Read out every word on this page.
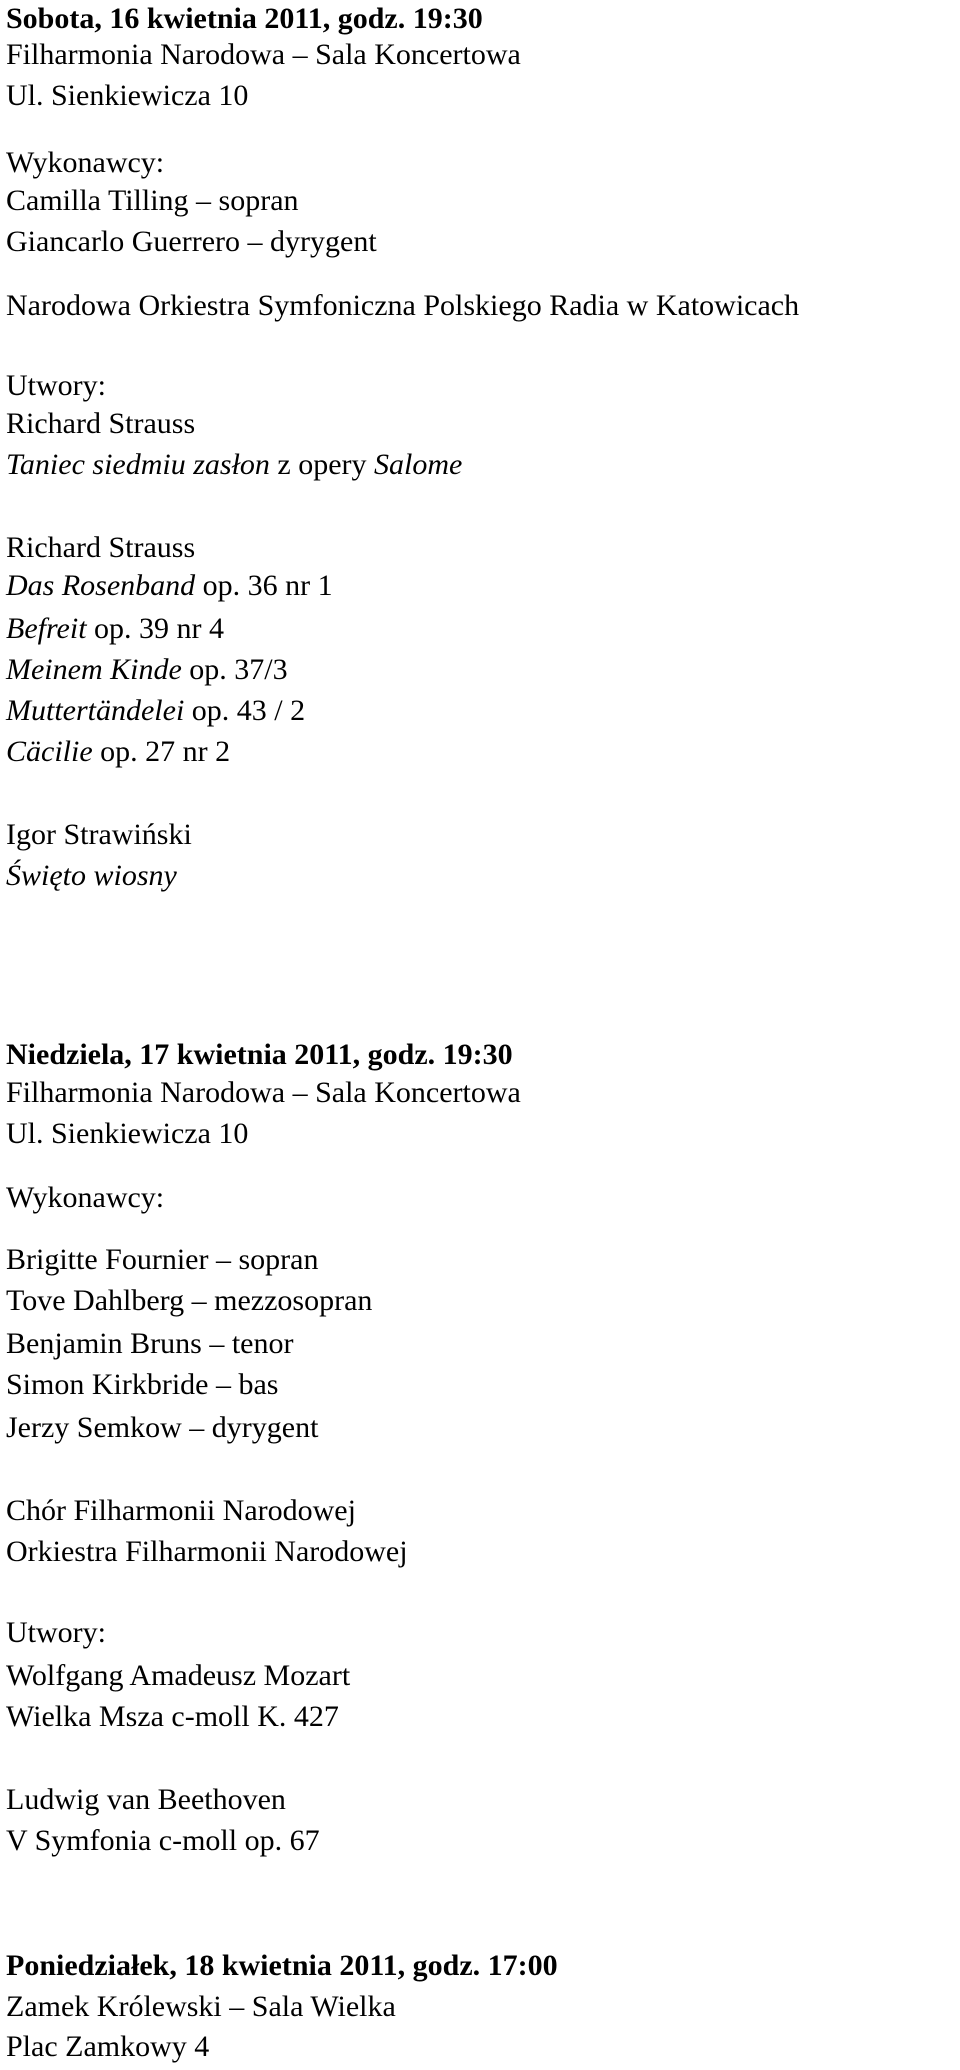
Sobota, 16 kwietnia 2011, godz. 19:30
Filharmonia Narodowa – Sala Koncertowa
Ul. Sienkiewicza 10
Wykonawcy:
Camilla Tilling – sopran
Giancarlo Guerrero – dyrygent
Narodowa Orkiestra Symfoniczna Polskiego Radia w Katowicach
Utwory:
Richard Strauss
Taniec siedmiu zasłon z opery Salome
Richard Strauss
Das Rosenband op. 36 nr 1
Befreit op. 39 nr 4
Meinem Kinde op. 37/3
Muttertändelei op. 43 / 2
Cäcilie op. 27 nr 2
Igor Strawiński
Święto wiosny
Niedziela, 17 kwietnia 2011, godz. 19:30
Filharmonia Narodowa – Sala Koncertowa
Ul. Sienkiewicza 10
Wykonawcy:
Brigitte Fournier – sopran
Tove Dahlberg – mezzosopran
Benjamin Bruns – tenor
Simon Kirkbride – bas
Jerzy Semkow – dyrygent
Chór Filharmonii Narodowej
Orkiestra Filharmonii Narodowej
Utwory:
Wolfgang Amadeusz Mozart
Wielka Msza c-moll K. 427
Ludwig van Beethoven
V Symfonia c-moll op. 67
Poniedziałek, 18 kwietnia 2011, godz. 17:00
Zamek Królewski – Sala Wielka
Plac Zamkowy 4
